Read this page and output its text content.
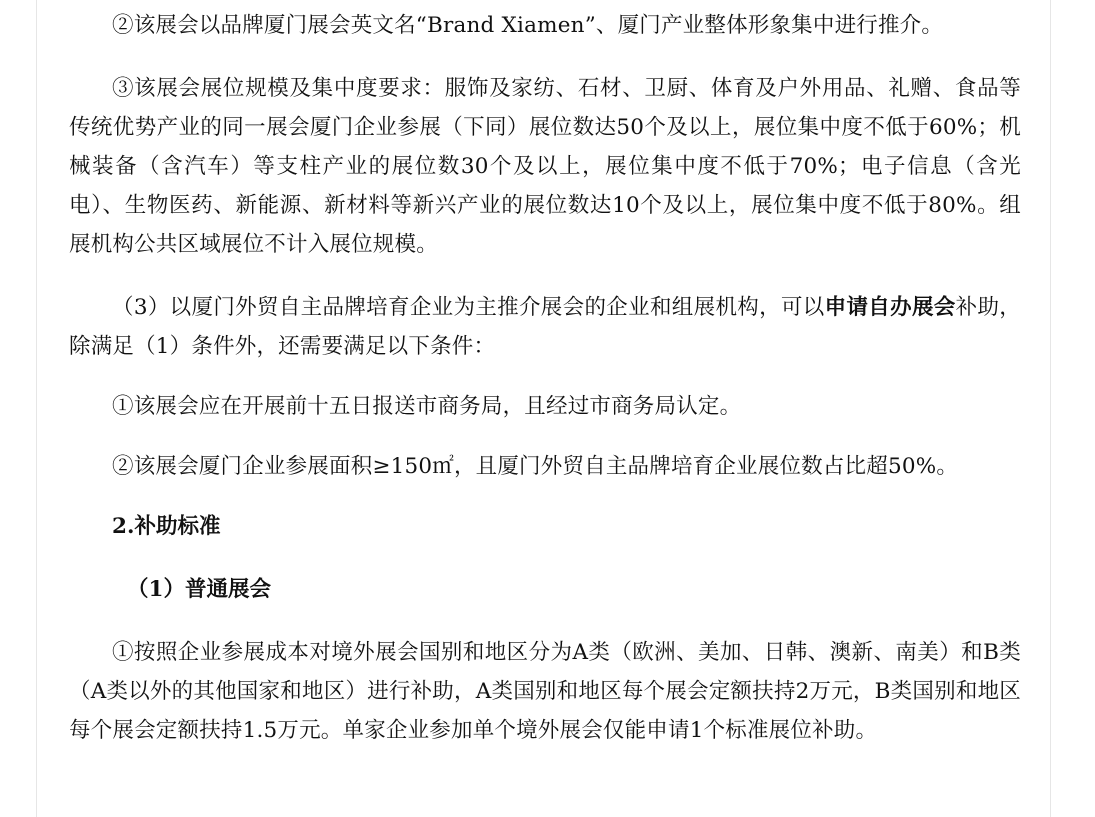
②该展会以品牌厦门展会英文名“Brand Xiamen”、厦门产业整体形象集中进行推介。

③该展会展位规模及集中度要求：服饰及家纺、石材、卫厨、体育及户外用品、礼赠、食品等传统优势产业的同一展会厦门企业参展（下同）展位数达50个及以上，展位集中度不低于60%；机械装备（含汽车）等支柱产业的展位数30个及以上，展位集中度不低于70%；电子信息（含光电）、生物医药、新能源、新材料等新兴产业的展位数达10个及以上，展位集中度不低于80%。组展机构公共区域展位不计入展位规模。

（3）以厦门外贸自主品牌培育企业为主推介展会的企业和组展机构，可以申请自办展会补助，除满足（1）条件外，还需要满足以下条件：

①该展会应在开展前十五日报送市商务局，且经过市商务局认定。

②该展会厦门企业参展面积≥150㎡，且厦门外贸自主品牌培育企业展位数占比超50%。

2.补助标准

（1）普通展会

①按照企业参展成本对境外展会国别和地区分为A类（欧洲、美加、日韩、澳新、南美）和B类（A类以外的其他国家和地区）进行补助，A类国别和地区每个展会定额扶持2万元，B类国别和地区每个展会定额扶持1.5万元。单家企业参加单个境外展会仅能申请1个标准展位补助。
